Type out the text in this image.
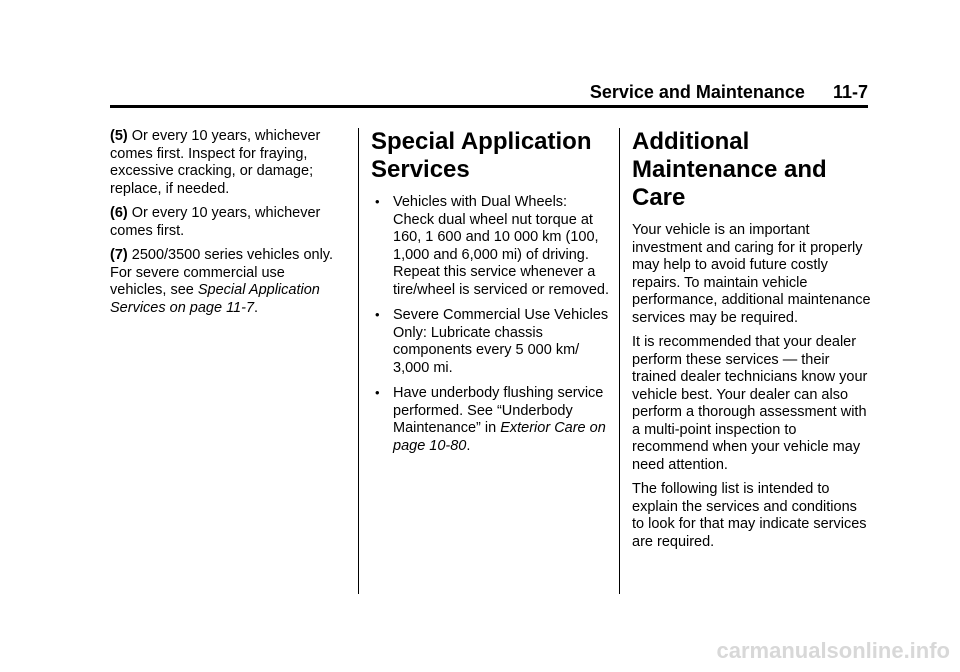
Service and Maintenance 11-7

(5) Or every 10 years, whichever comes first. Inspect for fraying, excessive cracking, or damage; replace, if needed.

(6) Or every 10 years, whichever comes first.

(7) 2500/3500 series vehicles only. For severe commercial use vehicles, see Special Application Services on page 11-7.

Special Application Services
• Vehicles with Dual Wheels: Check dual wheel nut torque at 160, 1 600 and 10 000 km (100, 1,000 and 6,000 mi) of driving. Repeat this service whenever a tire/wheel is serviced or removed.
• Severe Commercial Use Vehicles Only: Lubricate chassis components every 5 000 km/ 3,000 mi.
• Have underbody flushing service performed. See “Underbody Maintenance” in Exterior Care on page 10-80.
Additional Maintenance and Care

Your vehicle is an important investment and caring for it properly may help to avoid future costly repairs. To maintain vehicle performance, additional maintenance services may be required.

It is recommended that your dealer perform these services — their trained dealer technicians know your vehicle best. Your dealer can also perform a thorough assessment with a multi-point inspection to recommend when your vehicle may need attention.

The following list is intended to explain the services and conditions to look for that may indicate services are required.

carmanualsonline.info
